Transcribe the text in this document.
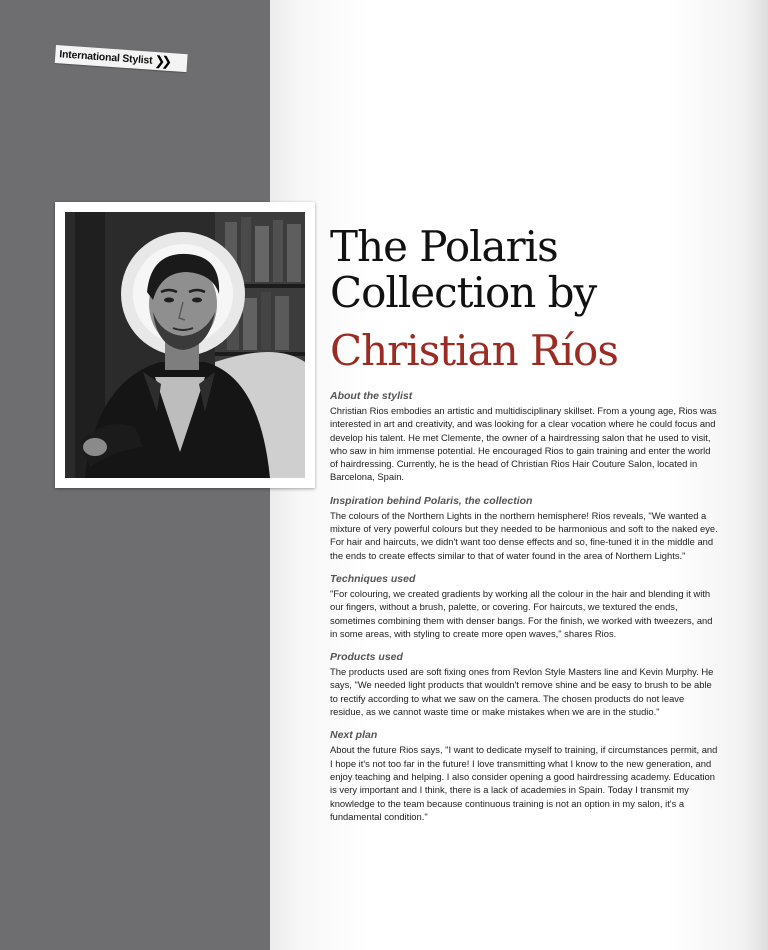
International Stylist ❯❯
The Polaris
Collection by
Christian Ríos

About the stylist

Christian Rios embodies an artistic and multidisciplinary skillset. From a young age, Rios was interested in art and creativity, and was looking for a clear vocation where he could focus and develop his talent. He met Clemente, the owner of a hairdressing salon that he used to visit, who saw in him immense potential. He encouraged Rios to gain training and enter the world of hairdressing. Currently, he is the head of Christian Rios Hair Couture Salon, located in Barcelona, Spain.

Inspiration behind Polaris, the collection

The colours of the Northern Lights in the northern hemisphere! Rios reveals, "We wanted a mixture of very powerful colours but they needed to be harmonious and soft to the naked eye. For hair and haircuts, we didn't want too dense effects and so, fine-tuned it in the middle and the ends to create effects similar to that of water found in the area of Northern Lights."

Techniques used

"For colouring, we created gradients by working all the colour in the hair and blending it with our fingers, without a brush, palette, or covering. For haircuts, we textured the ends, sometimes combining them with denser bangs. For the finish, we worked with tweezers, and in some areas, with styling to create more open waves," shares Rios.

Products used

The products used are soft fixing ones from Revlon Style Masters line and Kevin Murphy. He says, "We needed light products that wouldn't remove shine and be easy to brush to be able to rectify according to what we saw on the camera. The chosen products do not leave residue, as we cannot waste time or make mistakes when we are in the studio."

Next plan

About the future Rios says, "I want to dedicate myself to training, if circumstances permit, and I hope it's not too far in the future! I love transmitting what I know to the new generation, and enjoy teaching and helping. I also consider opening a good hairdressing academy. Education is very important and I think, there is a lack of academies in Spain. Today I transmit my knowledge to the team because continuous training is not an option in my salon, it's a fundamental condition."
